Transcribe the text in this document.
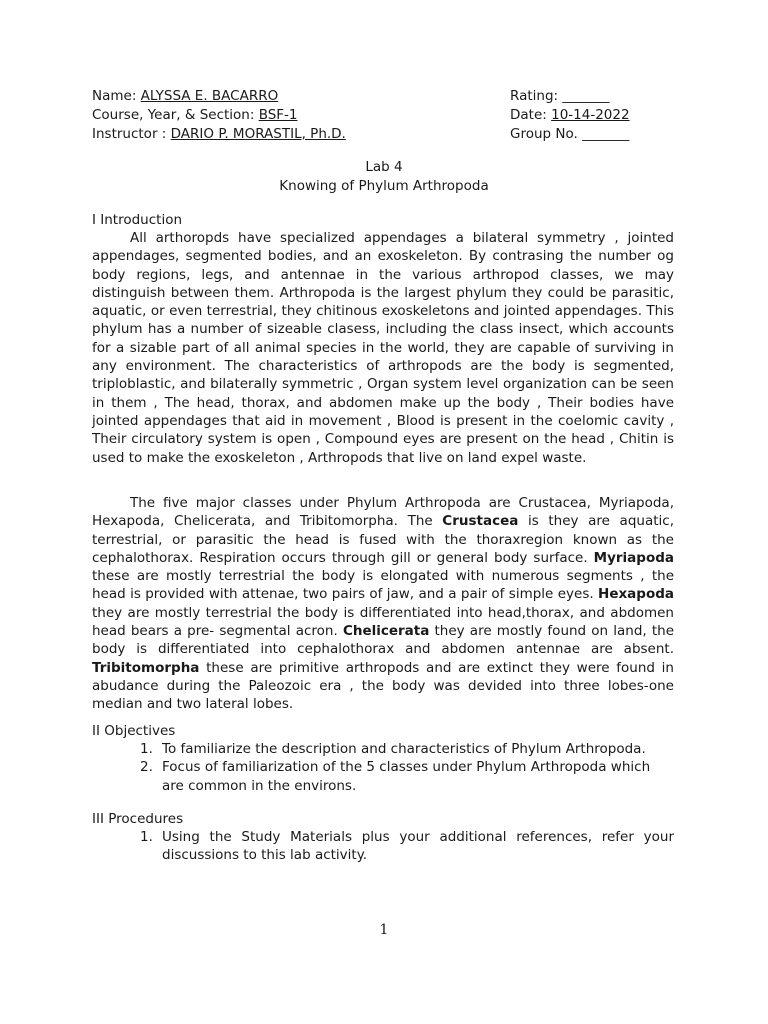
Name: ALYSSA E. BACARRO
Course, Year, & Section: BSF-1
Instructor : DARIO P. MORASTIL, Ph.D.
Rating: _______
Date: 10-14-2022
Group No. _______
Lab 4
Knowing of Phylum Arthropoda
I Introduction
All arthoropds have specialized appendages a bilateral symmetry , jointed appendages, segmented bodies, and an exoskeleton. By contrasing the number og body regions, legs, and antennae in the various arthropod classes, we may distinguish between them. Arthropoda is the largest phylum they could be parasitic, aquatic, or even terrestrial, they chitinous exoskeletons and jointed appendages. This phylum has a number of sizeable clasess, including the class insect, which accounts for a sizable part of all animal species in the world, they are capable of surviving in any environment. The characteristics of arthropods are the body is segmented, triploblastic, and bilaterally symmetric , Organ system level organization can be seen in them , The head, thorax, and abdomen make up the body , Their bodies have jointed appendages that aid in movement , Blood is present in the coelomic cavity , Their circulatory system is open , Compound eyes are present on the head , Chitin is used to make the exoskeleton , Arthropods that live on land expel waste.
The five major classes under Phylum Arthropoda are Crustacea, Myriapoda, Hexapoda, Chelicerata, and Tribitomorpha. The Crustacea is they are aquatic, terrestrial, or parasitic the head is fused with the thoraxregion known as the cephalothorax. Respiration occurs through gill or general body surface. Myriapoda these are mostly terrestrial the body is elongated with numerous segments , the head is provided with attenae, two pairs of jaw, and a pair of simple eyes. Hexapoda they are mostly terrestrial the body is differentiated into head,thorax, and abdomen head bears a pre- segmental acron. Chelicerata they are mostly found on land, the body is differentiated into cephalothorax and abdomen antennae are absent. Tribitomorpha these are primitive arthropods and are extinct they were found in abudance during the Paleozoic era , the body was devided into three lobes-one median and two lateral lobes.
II Objectives
1. To familiarize the description and characteristics of Phylum Arthropoda.
2. Focus of familiarization of the 5 classes under Phylum Arthropoda which are common in the environs.
III Procedures
1. Using the Study Materials plus your additional references, refer your discussions to this lab activity.
1
